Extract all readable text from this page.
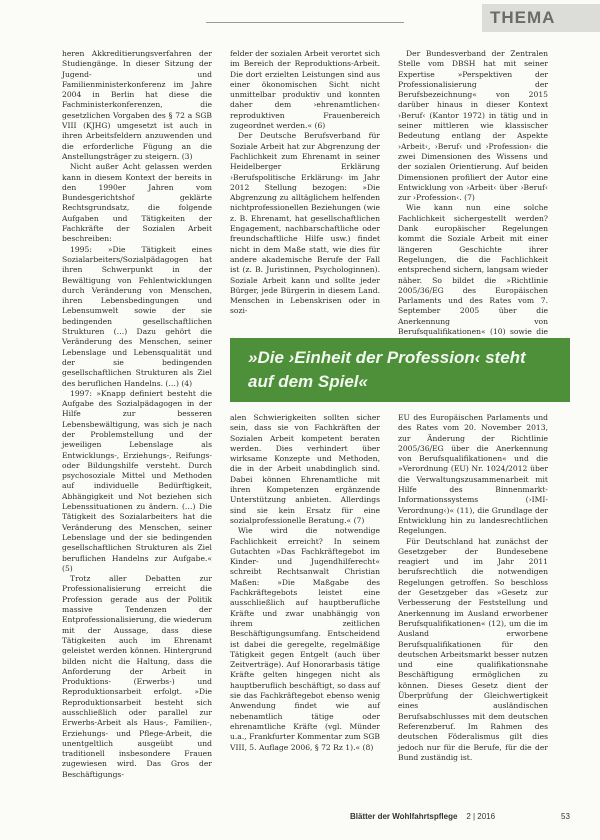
THEMA

heren Akkreditierungsverfahren der Studiengänge. In dieser Sitzung der Jugend- und Familienministerkonferenz im Jahre 2004 in Berlin hat diese die Fachministerkonferenzen, die gesetzlichen Vorgaben des § 72 a SGB VIII (KJHG) umgesetzt ist auch in ihren Arbeitsfeldern anzuwenden und die erforderliche Fügung an die Anstellungsträger zu steigern. (3)

Nicht außer Acht gelassen werden kann in diesem Kontext der bereits in den 1990er Jahren vom Bundesgerichtshof geklärte Rechtsgrundsatz, die folgende Aufgaben und Tätigkeiten der Fachkräfte der Sozialen Arbeit beschreiben:

1995: »Die Tätigkeit eines Sozialarbeiters/Sozialpädagogen hat ihren Schwerpunkt in der Bewältigung von Fehlentwicklungen durch Veränderung von Menschen, ihren Lebensbedingungen und Lebensumwelt sowie der sie bedingenden gesellschaftlichen Strukturen (…) Dazu gehört die Veränderung des Menschen, seiner Lebenslage und Lebensqualität und der sie bedingenden gesellschaftlichen Strukturen als Ziel des beruflichen Handelns. (…) (4)

1997: »Knapp definiert besteht die Aufgabe des Sozialpädagogen in der Hilfe zur besseren Lebensbewältigung, was sich je nach der Problemstellung und der jeweiligen Lebenslage als Entwicklungs-, Erziehungs-, Reifungs- oder Bildungshilfe versteht. Durch psychosoziale Mittel und Methoden auf individuelle Bedürftigkeit, Abhängigkeit und Not beziehen sich Lebenssituationen zu ändern. (…) Die Tätigkeit des Sozialarbeiters hat die Veränderung des Menschen, seiner Lebenslage und der sie bedingenden gesellschaftlichen Strukturen als Ziel beruflichen Handelns zur Aufgabe.« (5)

Trotz aller Debatten zur Professionalisierung erreicht die Profession gerade aus der Politik massive Tendenzen der Entprofessionalisierung, die wiederum mit der Aussage, dass diese Tätigkeiten auch im Ehrenamt geleistet werden können. Hintergrund bilden nicht die Haltung, dass die Anforderung der Arbeit in Produktions- (Erwerbs-) und Reproduktionsarbeit erfolgt. »Die Reproduktionsarbeit besteht sich ausschließlich oder parallel zur Erwerbs-Arbeit als Haus-, Familien-, Erziehungs- und Pflege-Arbeit, die unentgeltlich ausgeübt und traditionell insbesondere Frauen zugewiesen wird. Das Gros der Beschäftigungs-

felder der sozialen Arbeit verortet sich im Bereich der Reproduktions-Arbeit. Die dort erzielten Leistungen sind aus einer ökonomischen Sicht nicht unmittelbar produktiv und konnten daher dem ›ehrenamtlichen‹ reproduktiven Frauenbereich zugeordnet werden.« (6)

Der Deutsche Berufsverband für Soziale Arbeit hat zur Abgrenzung der Fachlichkeit zum Ehrenamt in seiner Heidelberger Erklärung ›Berufspolitische Erklärung‹ im Jahr 2012 Stellung bezogen: »Die Abgrenzung zu alltäglichem helfenden nichtprofessionellen Beziehungen (wie z. B. Ehrenamt, hat gesellschaftlichen Engagement, nachbarschaftliche oder freundschaftliche Hilfe usw.) findet nicht in dem Maße statt, wie dies für andere akademische Berufe der Fall ist (z. B. Juristinnen, Psychologinnen). Soziale Arbeit kann und sollte jeder Bürger, jede Bürgerin in diesem Land. Menschen in Lebenskrisen oder in sozi-

Der Bundesverband der Zentralen Stelle vom DBSH hat mit seiner Expertise »Perspektiven der Professionalisierung der Berufsbezeichnung« von 2015 darüber hinaus in dieser Kontext ›Beruf‹ (Kantor 1972) in tätig und in seiner mittleren wie klassischer Bedeutung entlang der Aspekte ›Arbeit‹, ›Beruf‹ und ›Profession‹ die zwei Dimensionen des Wissens und der sozialen Orientierung. Auf beiden Dimensionen profiliert der Autor eine Entwicklung von ›Arbeit‹ über ›Beruf‹ zur ›Profession‹. (7)

Wie kann nun eine solche Fachlichkeit sichergestellt werden? Dank europäischer Regelungen kommt die Soziale Arbeit mit einer längeren Geschichte ihrer Regelungen, die die Fachlichkeit entsprechend sichern, langsam wieder näher. So bildet die »Richtlinie 2005/36/EG des Europäischen Parlaments und des Rates vom 7. September 2005 über die Anerkennung von Berufsqualifikationen« (10) sowie die

»Die ›Einheit der Profession‹ steht
auf dem Spiel«

alen Schwierigkeiten sollten sicher sein, dass sie von Fachkräften der Sozialen Arbeit kompetent beraten werden. Dies verhindert über wirksame Konzepte und Methoden, die in der Arbeit unabdinglich sind. Dabei können Ehrenamtliche mit ihren Kompetenzen ergänzende Unterstützung anbieten. Allerdings sind sie kein Ersatz für eine sozialprofessionelle Beratung.« (7)

Wie wird die notwendige Fachlichkeit erreicht? In seinem Gutachten »Das Fachkräftegebot im Kinder- und Jugendhilferecht« schreibt Rechtsanwalt Christian Maßen: »Die Maßgabe des Fachkräftegebots leistet eine ausschließlich auf hauptberufliche Kräfte und zwar unabhängig von ihrem zeitlichen Beschäftigungsumfang. Entscheidend ist dabei die geregelte, regelmäßige Tätigkeit gegen Entgelt (auch über Zeitverträge). Auf Honorarbasis tätige Kräfte gelten hingegen nicht als hauptberuflich beschäftigt, so dass auf sie das Fachkräftegebot ebenso wenig Anwendung findet wie auf nebenamtlich tätige oder ehrenamtliche Kräfte (vgl. Münder u.a., Frankfurter Kommentar zum SGB VIII, 5. Auflage 2006, § 72 Rz 1).« (8)

EU des Europäischen Parlaments und des Rates vom 20. November 2013, zur Änderung der Richtlinie 2005/36/EG über die Anerkennung von Berufsqualifikationen« und die »Verordnung (EU) Nr. 1024/2012 über die Verwaltungszusammenarbeit mit Hilfe des Binnenmarkt-Informationssystems (›IMI-Verordnung‹)« (11), die Grundlage der Entwicklung hin zu landesrechtlichen Regelungen.

Für Deutschland hat zunächst der Gesetzgeber der Bundesebene reagiert und im Jahr 2011 berufsrechtlich die notwendigen Regelungen getroffen. So beschloss der Gesetzgeber das »Gesetz zur Verbesserung der Feststellung und Anerkennung im Ausland erworbener Berufsqualifikationen« (12), um die im Ausland erworbene Berufsqualifikationen für den deutschen Arbeitsmarkt besser nutzen und eine qualifikationsnahe Beschäftigung ermöglichen zu können. Dieses Gesetz dient der Überprüfung der Gleichwertigkeit eines ausländischen Berufsabschlusses mit dem deutschen Referenzberuf. Im Rahmen des deutschen Föderalismus gilt dies jedoch nur für die Berufe, für die der Bund zuständig ist.

Blätter der Wohlfahrtspflege 2 | 2016	53
